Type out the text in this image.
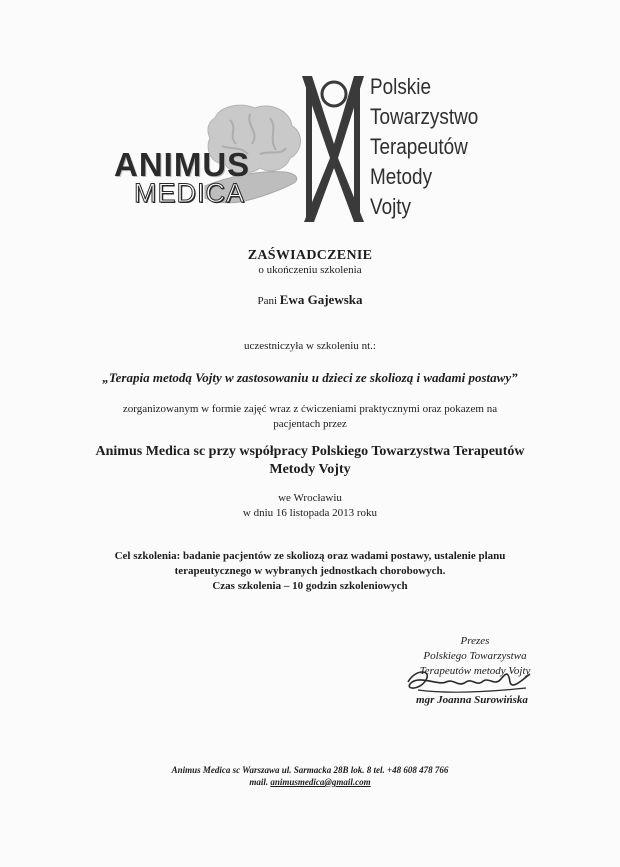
ANIMUS
MEDICA
Polskie
Towarzystwo
Terapeutów
Metody
Vojty
ZAŚWIADCZENIE
o ukończeniu szkolenia
Pani Ewa Gajewska
uczestniczyła w szkoleniu nt.:
„Terapia metodą Vojty w zastosowaniu u dzieci ze skoliozą i wadami postawy”
zorganizowanym w formie zajęć wraz z ćwiczeniami praktycznymi oraz pokazem na
pacjentach przez
Animus Medica sc przy współpracy Polskiego Towarzystwa Terapeutów
Metody Vojty
we Wrocławiu
w dniu 16 listopada 2013 roku
Cel szkolenia: badanie pacjentów ze skoliozą oraz wadami postawy, ustalenie planu
terapeutycznego w wybranych jednostkach chorobowych.
Czas szkolenia – 10 godzin szkoleniowych
Prezes
Polskiego Towarzystwa
Terapeutów metody Vojty
mgr Joanna Surowińska
Animus Medica sc Warszawa ul. Sarmacka 28B lok. 8 tel. +48 608 478 766
mail. animusmedica@gmail.com
